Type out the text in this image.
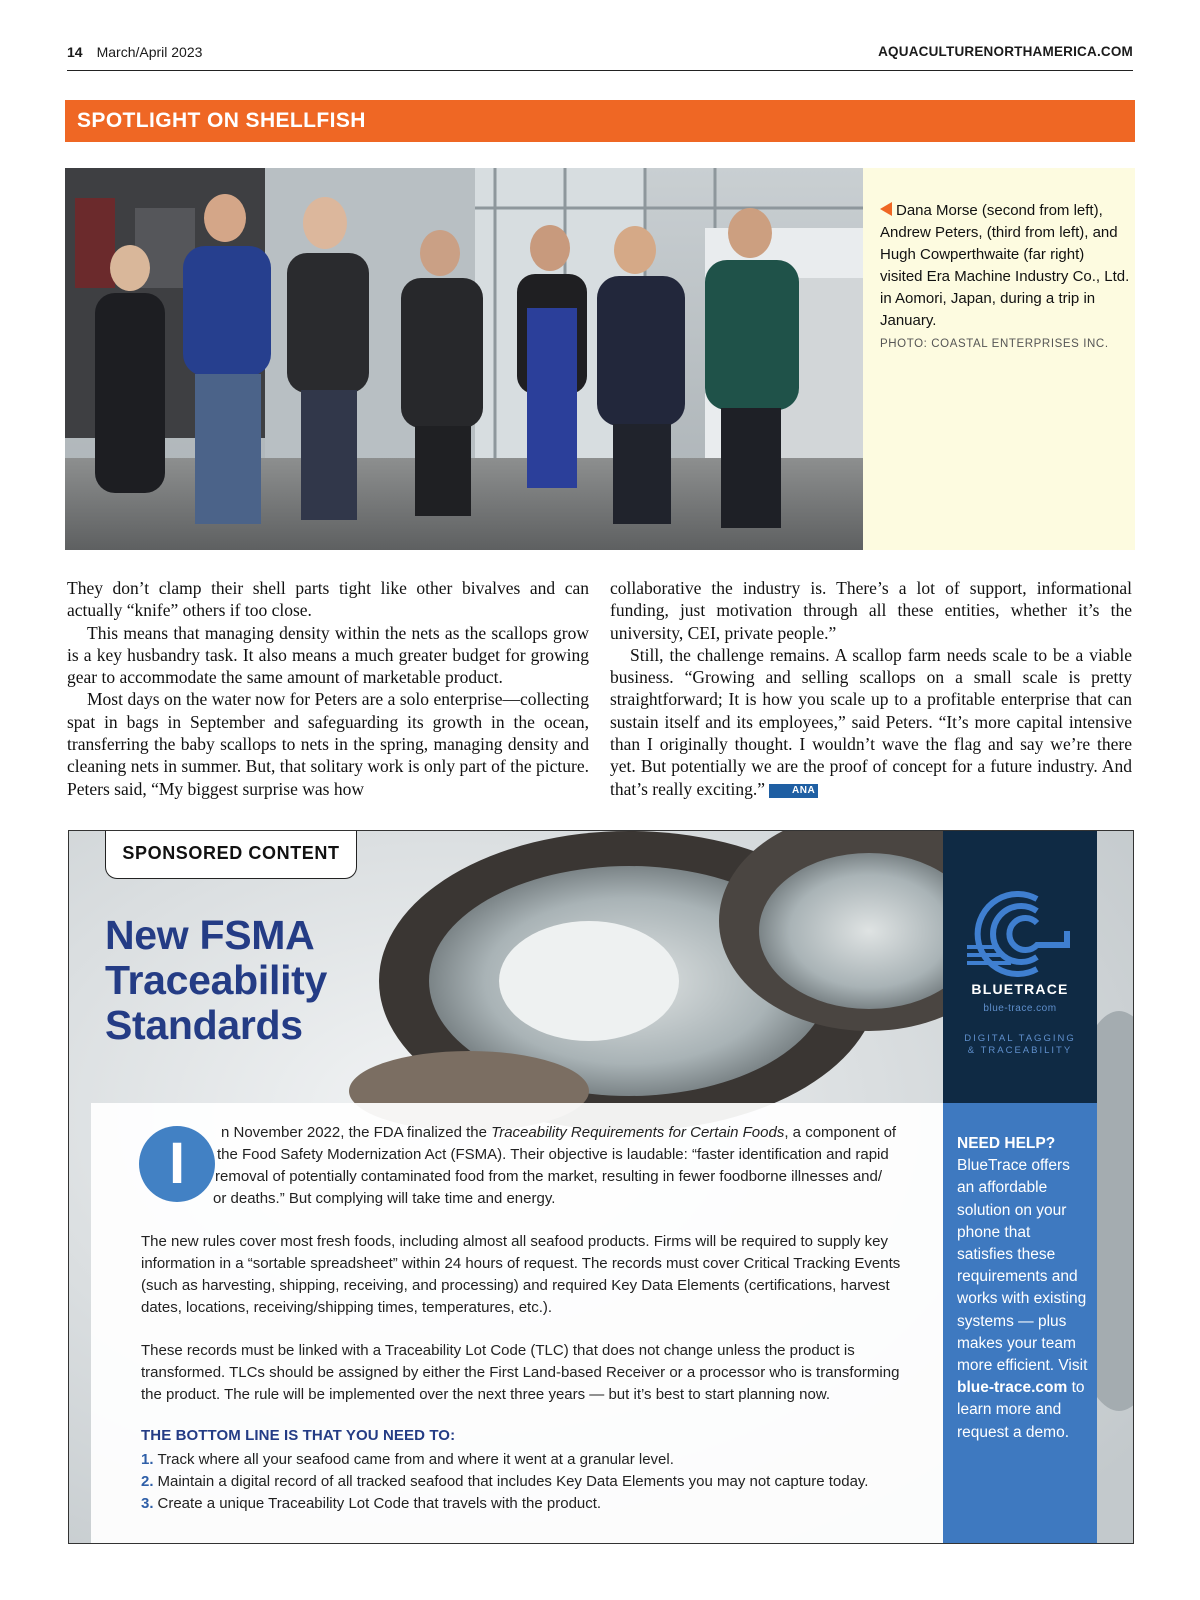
14 March/April 2023	AQUACULTURENORTHAMERICA.COM
SPOTLIGHT ON SHELLFISH
Dana Morse (second from left), Andrew Peters, (third from left), and Hugh Cowperthwaite (far right) visited Era Machine Industry Co., Ltd. in Aomori, Japan, during a trip in January.
PHOTO: COASTAL ENTERPRISES INC.

They don’t clamp their shell parts tight like other bivalves and can actually “knife” others if too close.

This means that managing density within the nets as the scallops grow is a key husbandry task. It also means a much greater budget for growing gear to accommodate the same amount of marketable product.

Most days on the water now for Peters are a solo enterprise—collecting spat in bags in September and safeguarding its growth in the ocean, transferring the baby scallops to nets in the spring, managing density and cleaning nets in summer. But, that solitary work is only part of the picture. Peters said, “My biggest surprise was how

collaborative the industry is. There’s a lot of support, informational funding, just motivation through all these entities, whether it’s the university, CEI, private people.”

Still, the challenge remains. A scallop farm needs scale to be a viable business. “Growing and selling scallops on a small scale is pretty straightforward; It is how you scale up to a profitable enterprise that can sustain itself and its employees,” said Peters. “It’s more capital intensive than I originally thought. I wouldn’t wave the flag and say we’re there yet. But potentially we are the proof of concept for a future industry. And that’s really exciting.”	ANA

SPONSORED CONTENT
New FSMA
Traceability
Standards
BLUETRACE
blue-trace.com
DIGITAL TAGGING
& TRACEABILITY
NEED HELP?
BlueTrace offers an affordable solution on your phone that satisfies these requirements and works with existing systems — plus makes your team more efficient. Visit blue-trace.com to learn more and request a demo.
I	n November 2022, the FDA finalized the Traceability Requirements for Certain Foods, a component of

the Food Safety Modernization Act (FSMA). Their objective is laudable: “faster identification and rapid

removal of potentially contaminated food from the market, resulting in fewer foodborne illnesses and/

or deaths.” But complying will take time and energy.

The new rules cover most fresh foods, including almost all seafood products. Firms will be required to supply key information in a “sortable spreadsheet” within 24 hours of request. The records must cover Critical Tracking Events (such as harvesting, shipping, receiving, and processing) and required Key Data Elements (certifications, harvest dates, locations, receiving/shipping times, temperatures, etc.).

These records must be linked with a Traceability Lot Code (TLC) that does not change unless the product is transformed. TLCs should be assigned by either the First Land-based Receiver or a processor who is transforming the product. The rule will be implemented over the next three years — but it’s best to start planning now.

THE BOTTOM LINE IS THAT YOU NEED TO:
1. Track where all your seafood came from and where it went at a granular level.
2. Maintain a digital record of all tracked seafood that includes Key Data Elements you may not capture today.
3. Create a unique Traceability Lot Code that travels with the product.
